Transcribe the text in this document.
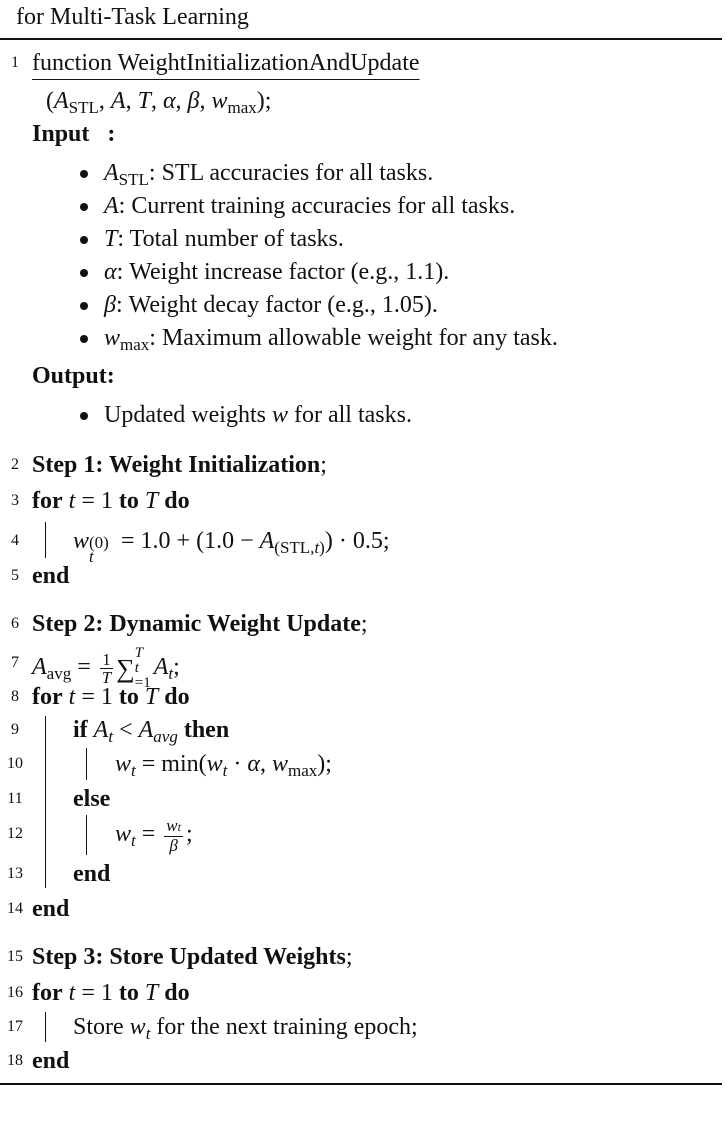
for Multi-Task Learning
1 function WeightInitializationAndUpdate
($A_{STL}$, A, T, α, β, $w_{max}$);
Input   :
$A_{STL}$: STL accuracies for all tasks.
A: Current training accuracies for all tasks.
T: Total number of tasks.
α: Weight increase factor (e.g., 1.1).
β: Weight decay factor (e.g., 1.05).
$w_{max}$: Maximum allowable weight for any task.
Output:
Updated weights w for all tasks.
2 Step 1: Weight Initialization;
3 for t = 1 to T do
4 w (0)
t
= $1.0 + (1.0 - A_{(STL,t)}) \cdot 0.5$;
5 end
6 Step 2: Dynamic Weight Update;
7 $A_{avg} = \frac{1}{T}$ ∑
T
t
=1
$A_t$;
8 for t = 1 to T do
9 if $A_t < A_{avg}$ then
10	$w_t = \min(w_t \cdot \alpha$, $w_{max}$);
11 else
12	$w_t = \frac{wt}{\beta}$ ;
13 end
14 end
15 Step 3: Store Updated Weights;
16 for t = 1 to T do
17 Store $w_t$ for the next training epoch;
18 end
